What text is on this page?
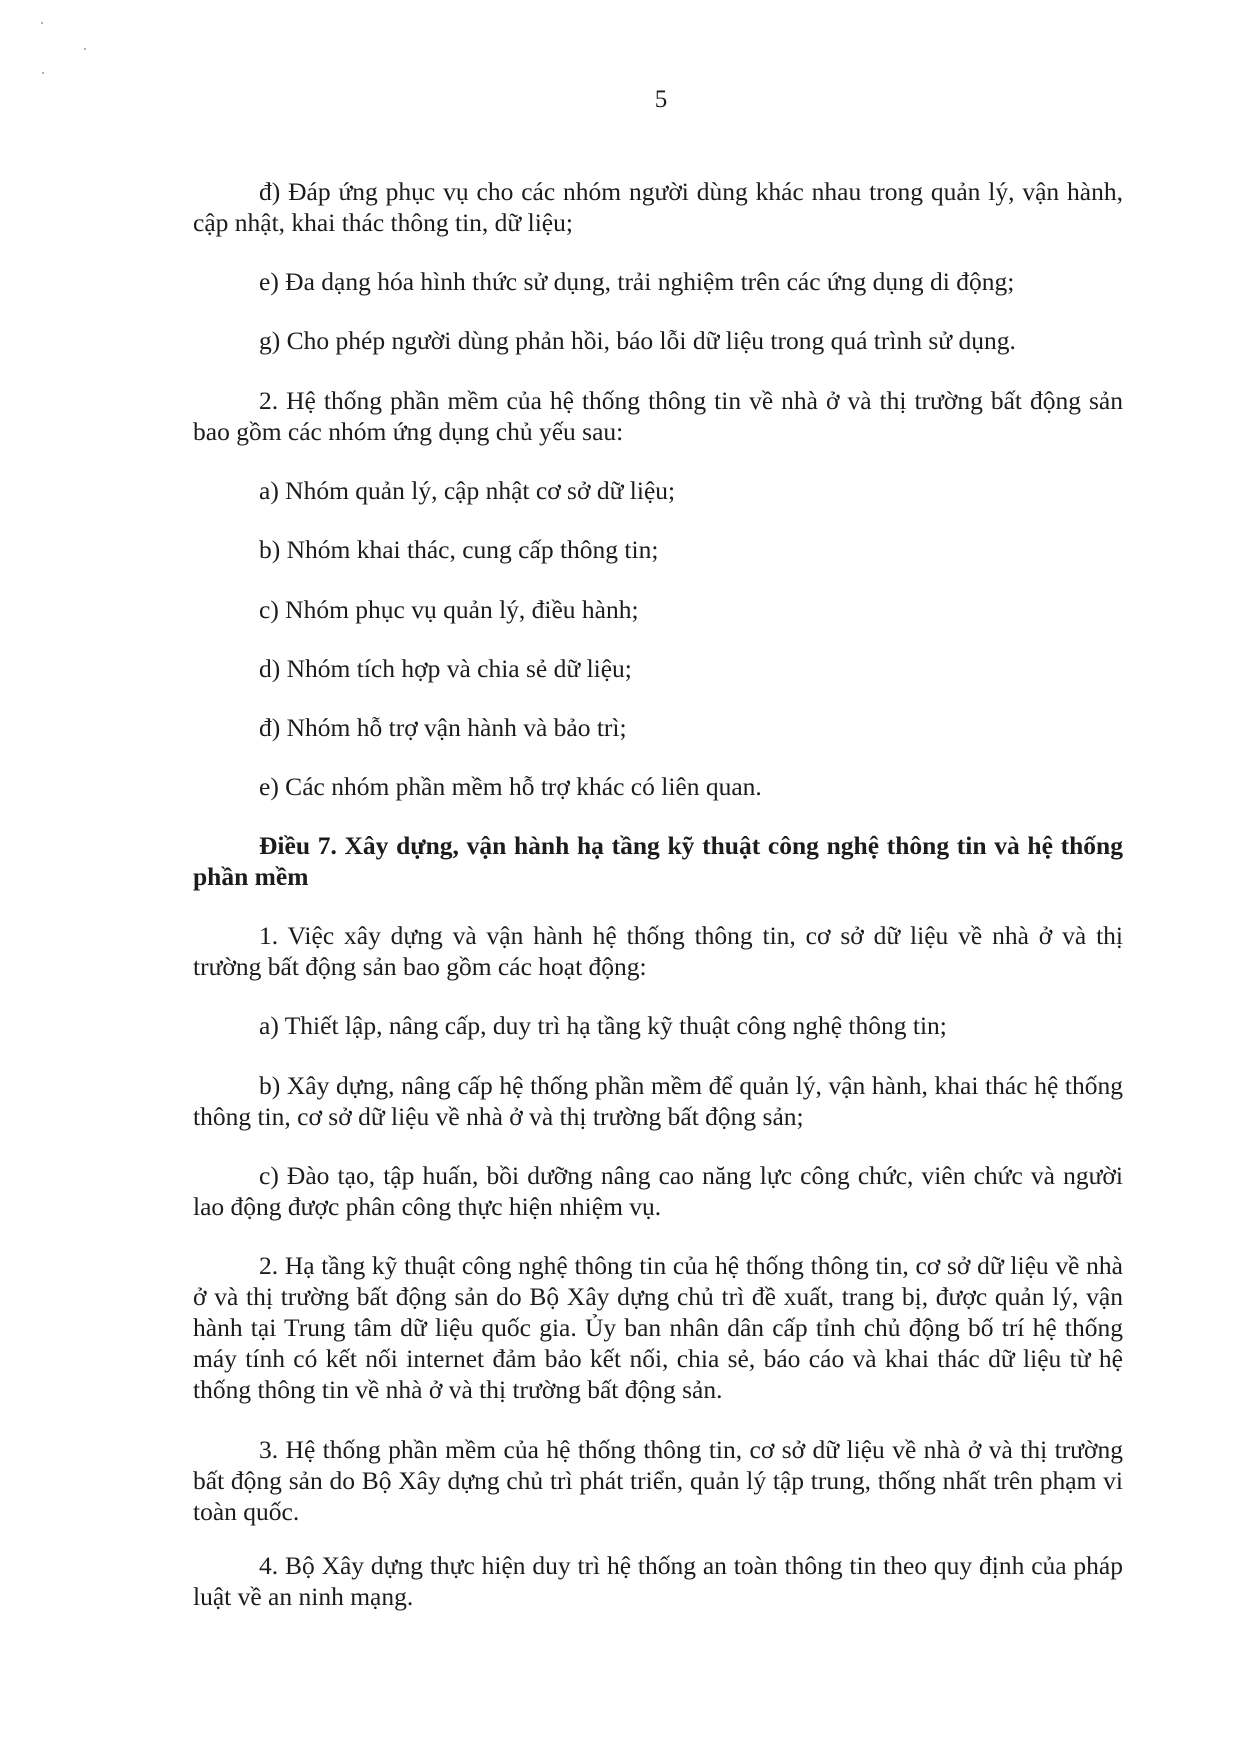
5

đ) Đáp ứng phục vụ cho các nhóm người dùng khác nhau trong quản lý, vận hành, cập nhật, khai thác thông tin, dữ liệu;

e) Đa dạng hóa hình thức sử dụng, trải nghiệm trên các ứng dụng di động;

g) Cho phép người dùng phản hồi, báo lỗi dữ liệu trong quá trình sử dụng.

2. Hệ thống phần mềm của hệ thống thông tin về nhà ở và thị trường bất động sản bao gồm các nhóm ứng dụng chủ yếu sau:

a) Nhóm quản lý, cập nhật cơ sở dữ liệu;

b) Nhóm khai thác, cung cấp thông tin;

c) Nhóm phục vụ quản lý, điều hành;

d) Nhóm tích hợp và chia sẻ dữ liệu;

đ) Nhóm hỗ trợ vận hành và bảo trì;

e) Các nhóm phần mềm hỗ trợ khác có liên quan.

Điều 7. Xây dựng, vận hành hạ tầng kỹ thuật công nghệ thông tin và hệ thống phần mềm

1. Việc xây dựng và vận hành hệ thống thông tin, cơ sở dữ liệu về nhà ở và thị trường bất động sản bao gồm các hoạt động:

a) Thiết lập, nâng cấp, duy trì hạ tầng kỹ thuật công nghệ thông tin;

b) Xây dựng, nâng cấp hệ thống phần mềm để quản lý, vận hành, khai thác hệ thống thông tin, cơ sở dữ liệu về nhà ở và thị trường bất động sản;

c) Đào tạo, tập huấn, bồi dưỡng nâng cao năng lực công chức, viên chức và người lao động được phân công thực hiện nhiệm vụ.

2. Hạ tầng kỹ thuật công nghệ thông tin của hệ thống thông tin, cơ sở dữ liệu về nhà ở và thị trường bất động sản do Bộ Xây dựng chủ trì đề xuất, trang bị, được quản lý, vận hành tại Trung tâm dữ liệu quốc gia. Ủy ban nhân dân cấp tỉnh chủ động bố trí hệ thống máy tính có kết nối internet đảm bảo kết nối, chia sẻ, báo cáo và khai thác dữ liệu từ hệ thống thông tin về nhà ở và thị trường bất động sản.

3. Hệ thống phần mềm của hệ thống thông tin, cơ sở dữ liệu về nhà ở và thị trường bất động sản do Bộ Xây dựng chủ trì phát triển, quản lý tập trung, thống nhất trên phạm vi toàn quốc.

4. Bộ Xây dựng thực hiện duy trì hệ thống an toàn thông tin theo quy định của pháp luật về an ninh mạng.
